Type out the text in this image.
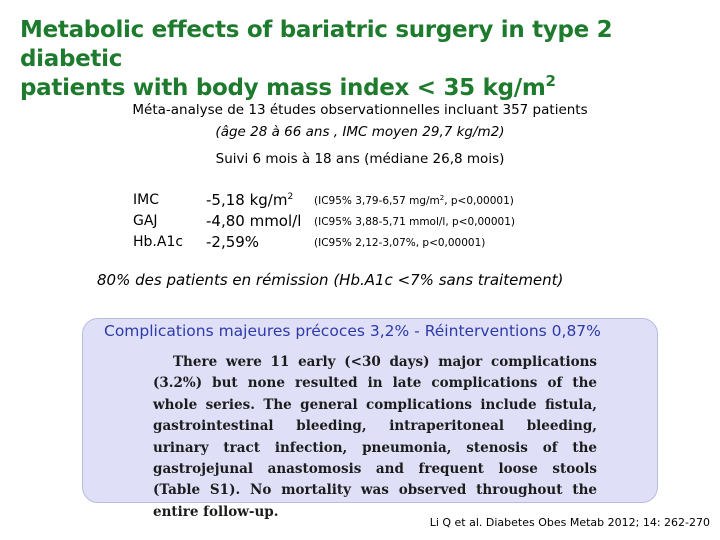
Metabolic effects of bariatric surgery in type 2 diabetic
patients with body mass index < 35 $kg/m^2$
Méta-analyse de 13 études observationnelles incluant 357 patients
(âge 28 à 66 ans , IMC moyen 29,7 kg/m2)
Suivi 6 mois à 18 ans (médiane 26,8 mois)
IMC	-5,18 $kg/m^2$ (IC95% 3,79-6,57 $mg/m^2$, p<0,00001)
GAJ	-4,80 mmol/l (IC95% 3,88-5,71 mmol/l, p<0,00001)
Hb.A1c	-2,59%	(IC95% 2,12-3,07%, p<0,00001)
80% des patients en rémission (Hb.A1c <7% sans traitement)
Complications majeures précoces 3,2% - Réinterventions 0,87%
There were 11 early (<30 days) major complications (3.2%) but none resulted in late complications of the whole series. The general complications include fistula, gastrointestinal bleeding, intraperitoneal bleeding, urinary tract infection, pneumonia, stenosis of the gastrojejunal anastomosis and frequent loose stools (Table S1). No mortality was observed throughout the entire follow-up.
Li Q et al. Diabetes Obes Metab 2012; 14: 262-270
